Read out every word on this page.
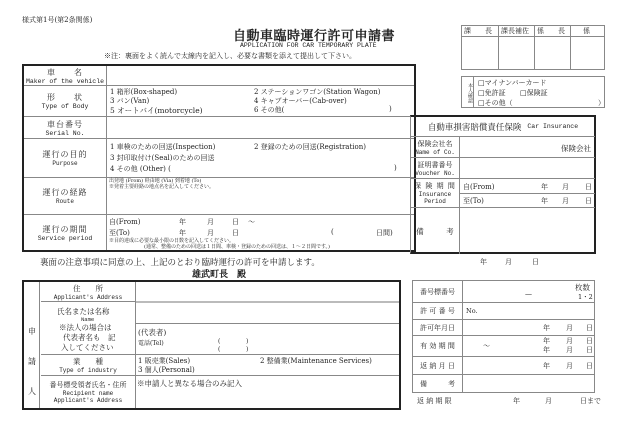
様式第1号(第2条関係)
自動車臨時運行許可申請書
APPLICATION FOR CAR TEMPORARY PLATE
※注：裏面をよく読んで太線内を記入し、必要な書類を添えて提出して下さい。
課　　長 課長補佐 係　　長	係
本人確認 □マイナンバーカード
□免許証 □保険証
□その他（	）
車　　名
Maker of the vehicle
形　　状
Type of Body
1 箱形(Box-shaped)	2 ステーションワゴン(Station Wagon)
3 バン(Van)	4 キャブオーバー(Cab-over)
5 オートバイ(motorcycle)	6 その他(	)
車台番号
Serial No.
運行の目的
Purpose
1 車検のための回送(Inspection)	2 登録のための回送(Registration)
3 封印取付け(Seal)のための回送
4 その他 (Other) (	)
運行の経路
Route
出発地 (From) 経由地 (Via) 到着地 (To)
※発着主要経路の地点名を記入してください。
運行の期間
Service period
自(From)	年	月	日 ～
至(To)	年	月	日	(	日間)
※目的達成に必要な最小限の日数を記入してください。
(通常、整備のための回送は１日間、車検・登録のための回送は、１～２日間です。)
自動車損害賠償責任保険 Car Insurance
保険会社名
Name of Co.	保険会社
証明書番号
Voucher No.
保 険 期 間
Insurance
Period
自(From)	年 月 日
至(To)	年 月 日
備　　　考
裏面の注意事項に同意の上、上記のとおり臨時運行の許可を申請します。	年	月	日
雄武町長　殿
申
請
人
住　　所
Applicant's Address
氏名または名称
Name
※法人の場合は
代表者名も　記
入してください
(代表者)
電話(Tel)	(	)
(	)
業　　種
Type of industry
1 販売業(Sales)	2 整備業(Maintenance Services)
3 個人(Personal)
番号標受領者氏名・住所
Recipient name
Applicant's Address
※申請人と異なる場合のみ記入
番号標番号	—
枚数
1・2
許 可 番 号	No.
許可年月日	年 月 日
有 効 期 間	～
年 月 日
年 月 日
返 納 月 日	年 月 日
備　　　考
返 納 期 限	年	月	日まで
